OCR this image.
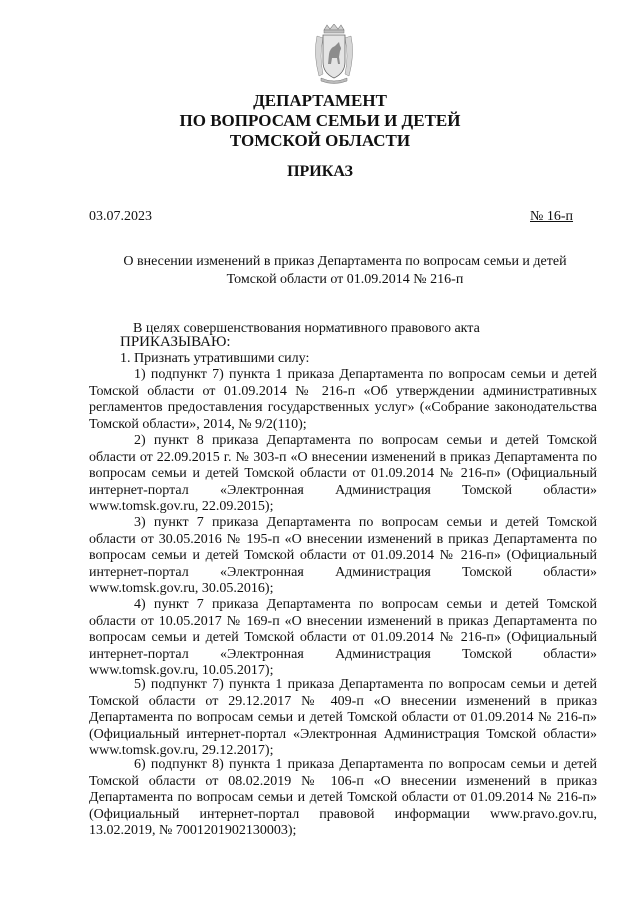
ДЕПАРТАМЕНТ
ПО ВОПРОСАМ СЕМЬИ И ДЕТЕЙ
ТОМСКОЙ ОБЛАСТИ
ПРИКАЗ
03.07.2023	№ 16-п
О внесении изменений в приказ Департамента по вопросам семьи и детей Томской области от 01.09.2014 № 216-п
В целях совершенствования нормативного правового акта
ПРИКАЗЫВАЮ:
1. Признать утратившими силу:
1) подпункт 7) пункта 1 приказа Департамента по вопросам семьи и детей Томской области от 01.09.2014 № 216-п «Об утверждении административных регламентов предоставления государственных услуг» («Собрание законодательства Томской области», 2014, № 9/2(110);
2) пункт 8 приказа Департамента по вопросам семьи и детей Томской области от 22.09.2015 г. № 303-п «О внесении изменений в приказ Департамента по вопросам семьи и детей Томской области от 01.09.2014 № 216-п» (Официальный интернет-портал «Электронная Администрация Томской области» www.tomsk.gov.ru, 22.09.2015);
3) пункт 7 приказа Департамента по вопросам семьи и детей Томской области от 30.05.2016 № 195-п «О внесении изменений в приказ Департамента по вопросам семьи и детей Томской области от 01.09.2014 № 216-п» (Официальный интернет-портал «Электронная Администрация Томской области» www.tomsk.gov.ru, 30.05.2016);
4) пункт 7 приказа Департамента по вопросам семьи и детей Томской области от 10.05.2017 № 169-п «О внесении изменений в приказ Департамента по вопросам семьи и детей Томской области от 01.09.2014 № 216-п» (Официальный интернет-портал «Электронная Администрация Томской области» www.tomsk.gov.ru, 10.05.2017);
5) подпункт 7) пункта 1 приказа Департамента по вопросам семьи и детей Томской области от 29.12.2017 № 409-п «О внесении изменений в приказ Департамента по вопросам семьи и детей Томской области от 01.09.2014 № 216-п» (Официальный интернет-портал «Электронная Администрация Томской области» www.tomsk.gov.ru, 29.12.2017);
6) подпункт 8) пункта 1 приказа Департамента по вопросам семьи и детей Томской области от 08.02.2019 № 106-п «О внесении изменений в приказ Департамента по вопросам семьи и детей Томской области от 01.09.2014 № 216-п» (Официальный интернет-портал правовой информации www.pravo.gov.ru, 13.02.2019, № 7001201902130003);
